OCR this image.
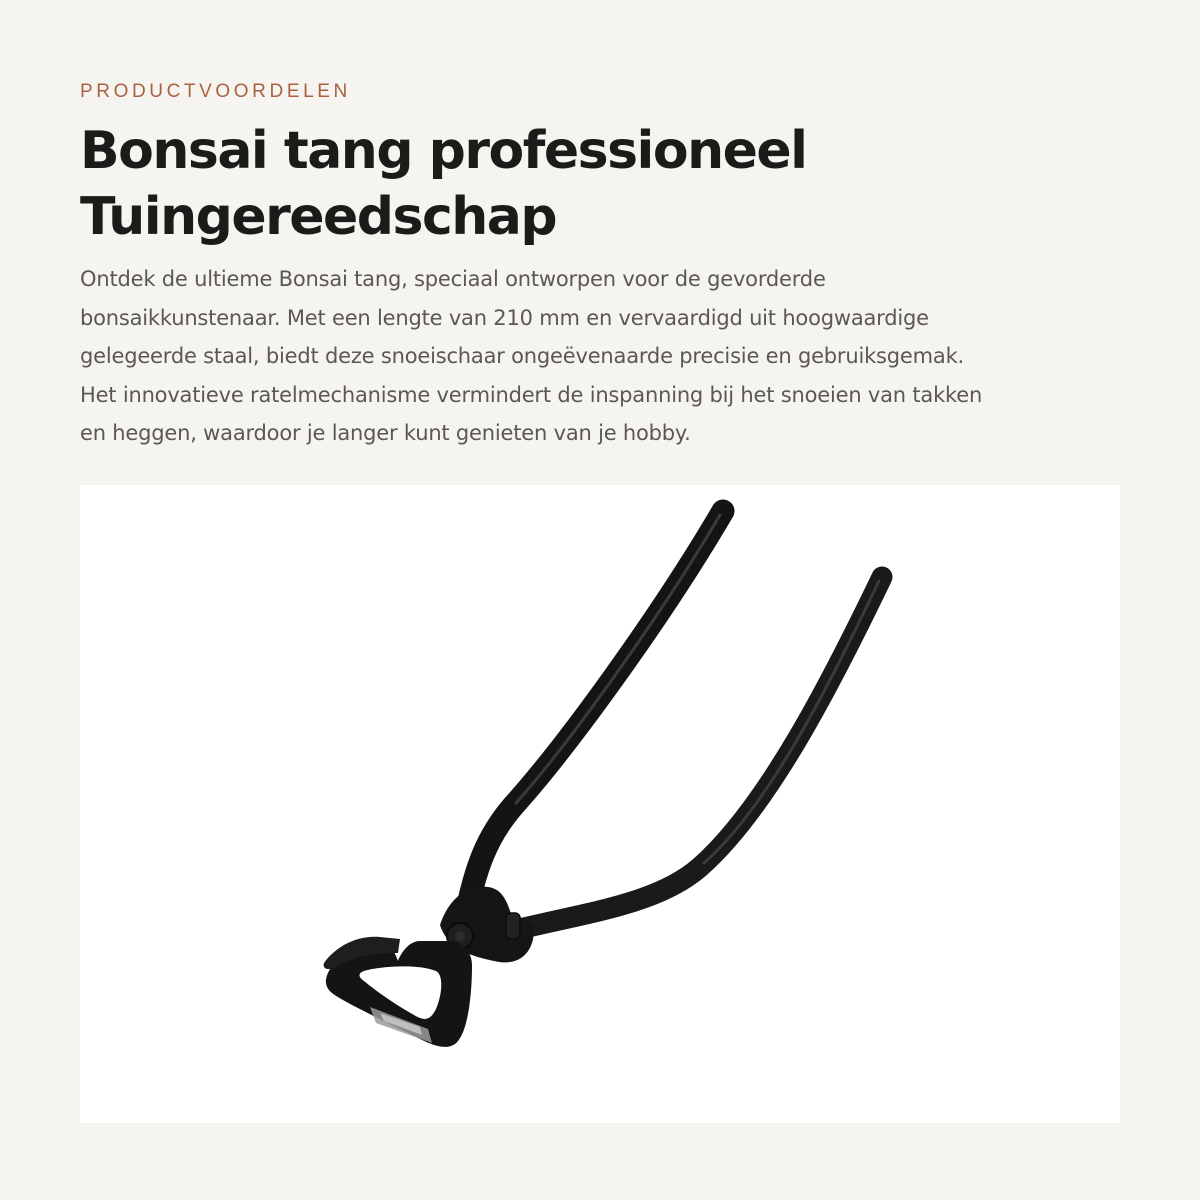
PRODUCTVOORDELEN
Bonsai tang professioneel
Tuingereedschap

Ontdek de ultieme Bonsai tang, speciaal ontworpen voor de gevorderde
bonsaikkunstenaar. Met een lengte van 210 mm en vervaardigd uit hoogwaardige
gelegeerde staal, biedt deze snoeischaar ongeëvenaarde precisie en gebruiksgemak.
Het innovatieve ratelmechanisme vermindert de inspanning bij het snoeien van takken
en heggen, waardoor je langer kunt genieten van je hobby.
